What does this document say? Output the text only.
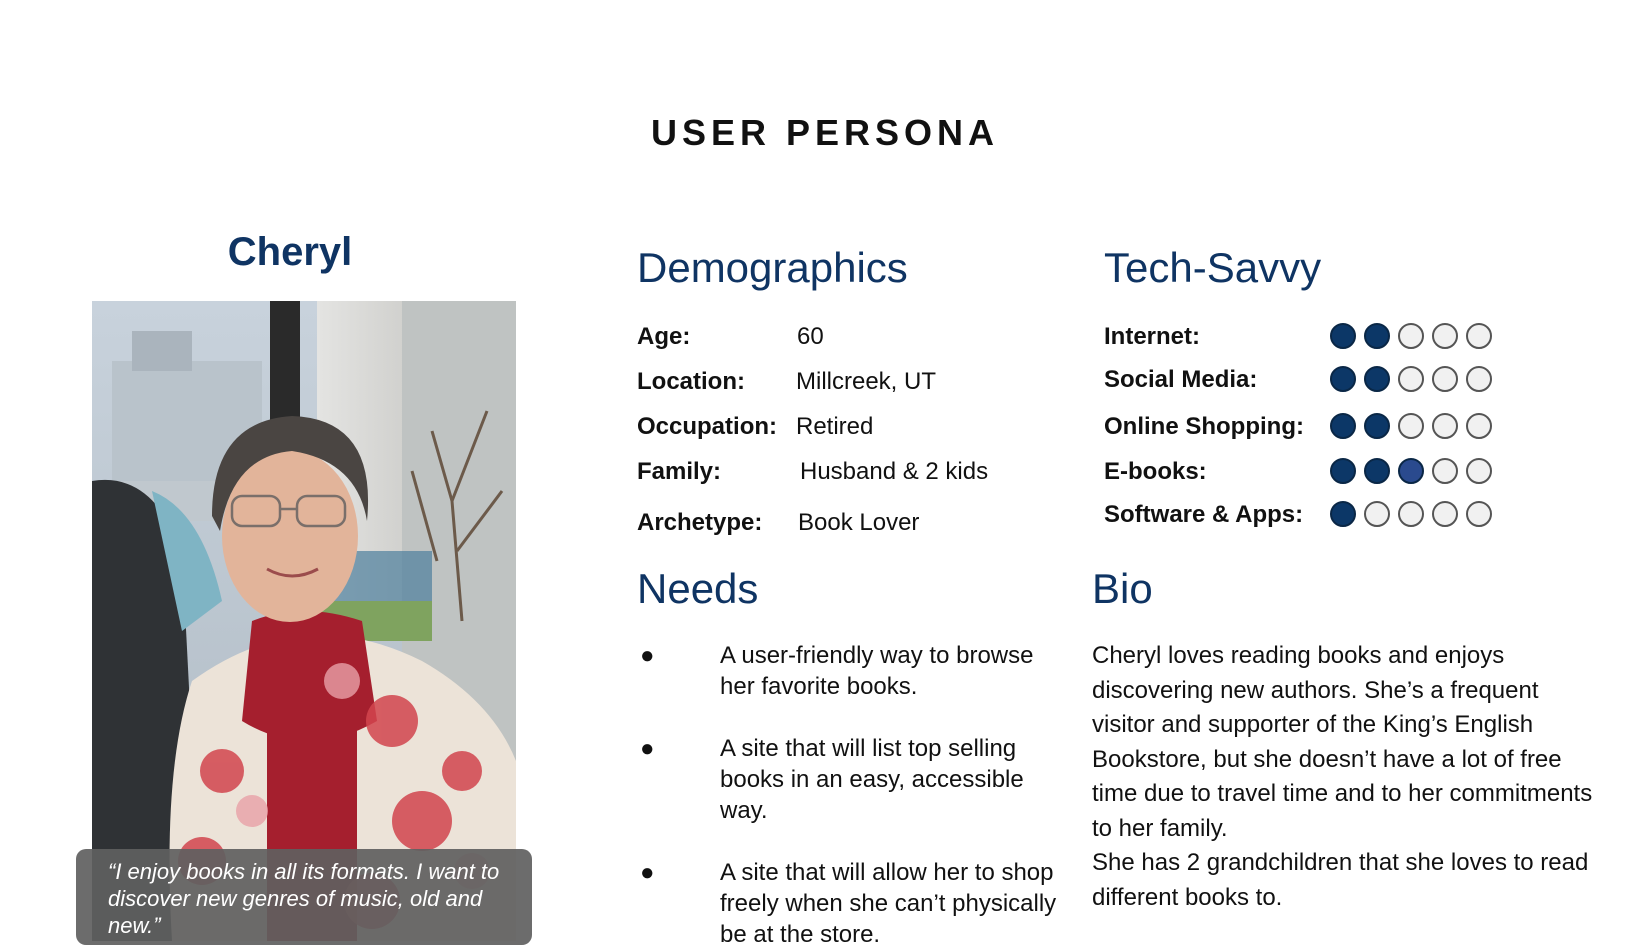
USER PERSONA
Cheryl
“I enjoy books in all its formats. I want to discover new genres of music, old and new.”
Demographics
Age:	60
Location: Millcreek, UT
Occupation: Retired
Family:	Husband & 2 kids
Archetype: Book Lover
Tech-Savvy
Internet:
Social Media:
Online Shopping:
E-books:
Software & Apps:
Needs
●	A user-friendly way to browse her favorite books.
●	A site that will list top selling books in an easy, accessible way.
●	A site that will allow her to shop freely when she can’t physically be at the store.
Bio

Cheryl loves reading books and enjoys discovering new authors. She’s a frequent visitor and supporter of the King’s English Bookstore, but she doesn’t have a lot of free time due to travel time and to her commitments to her family.

She has 2 grandchildren that she loves to read different books to.
